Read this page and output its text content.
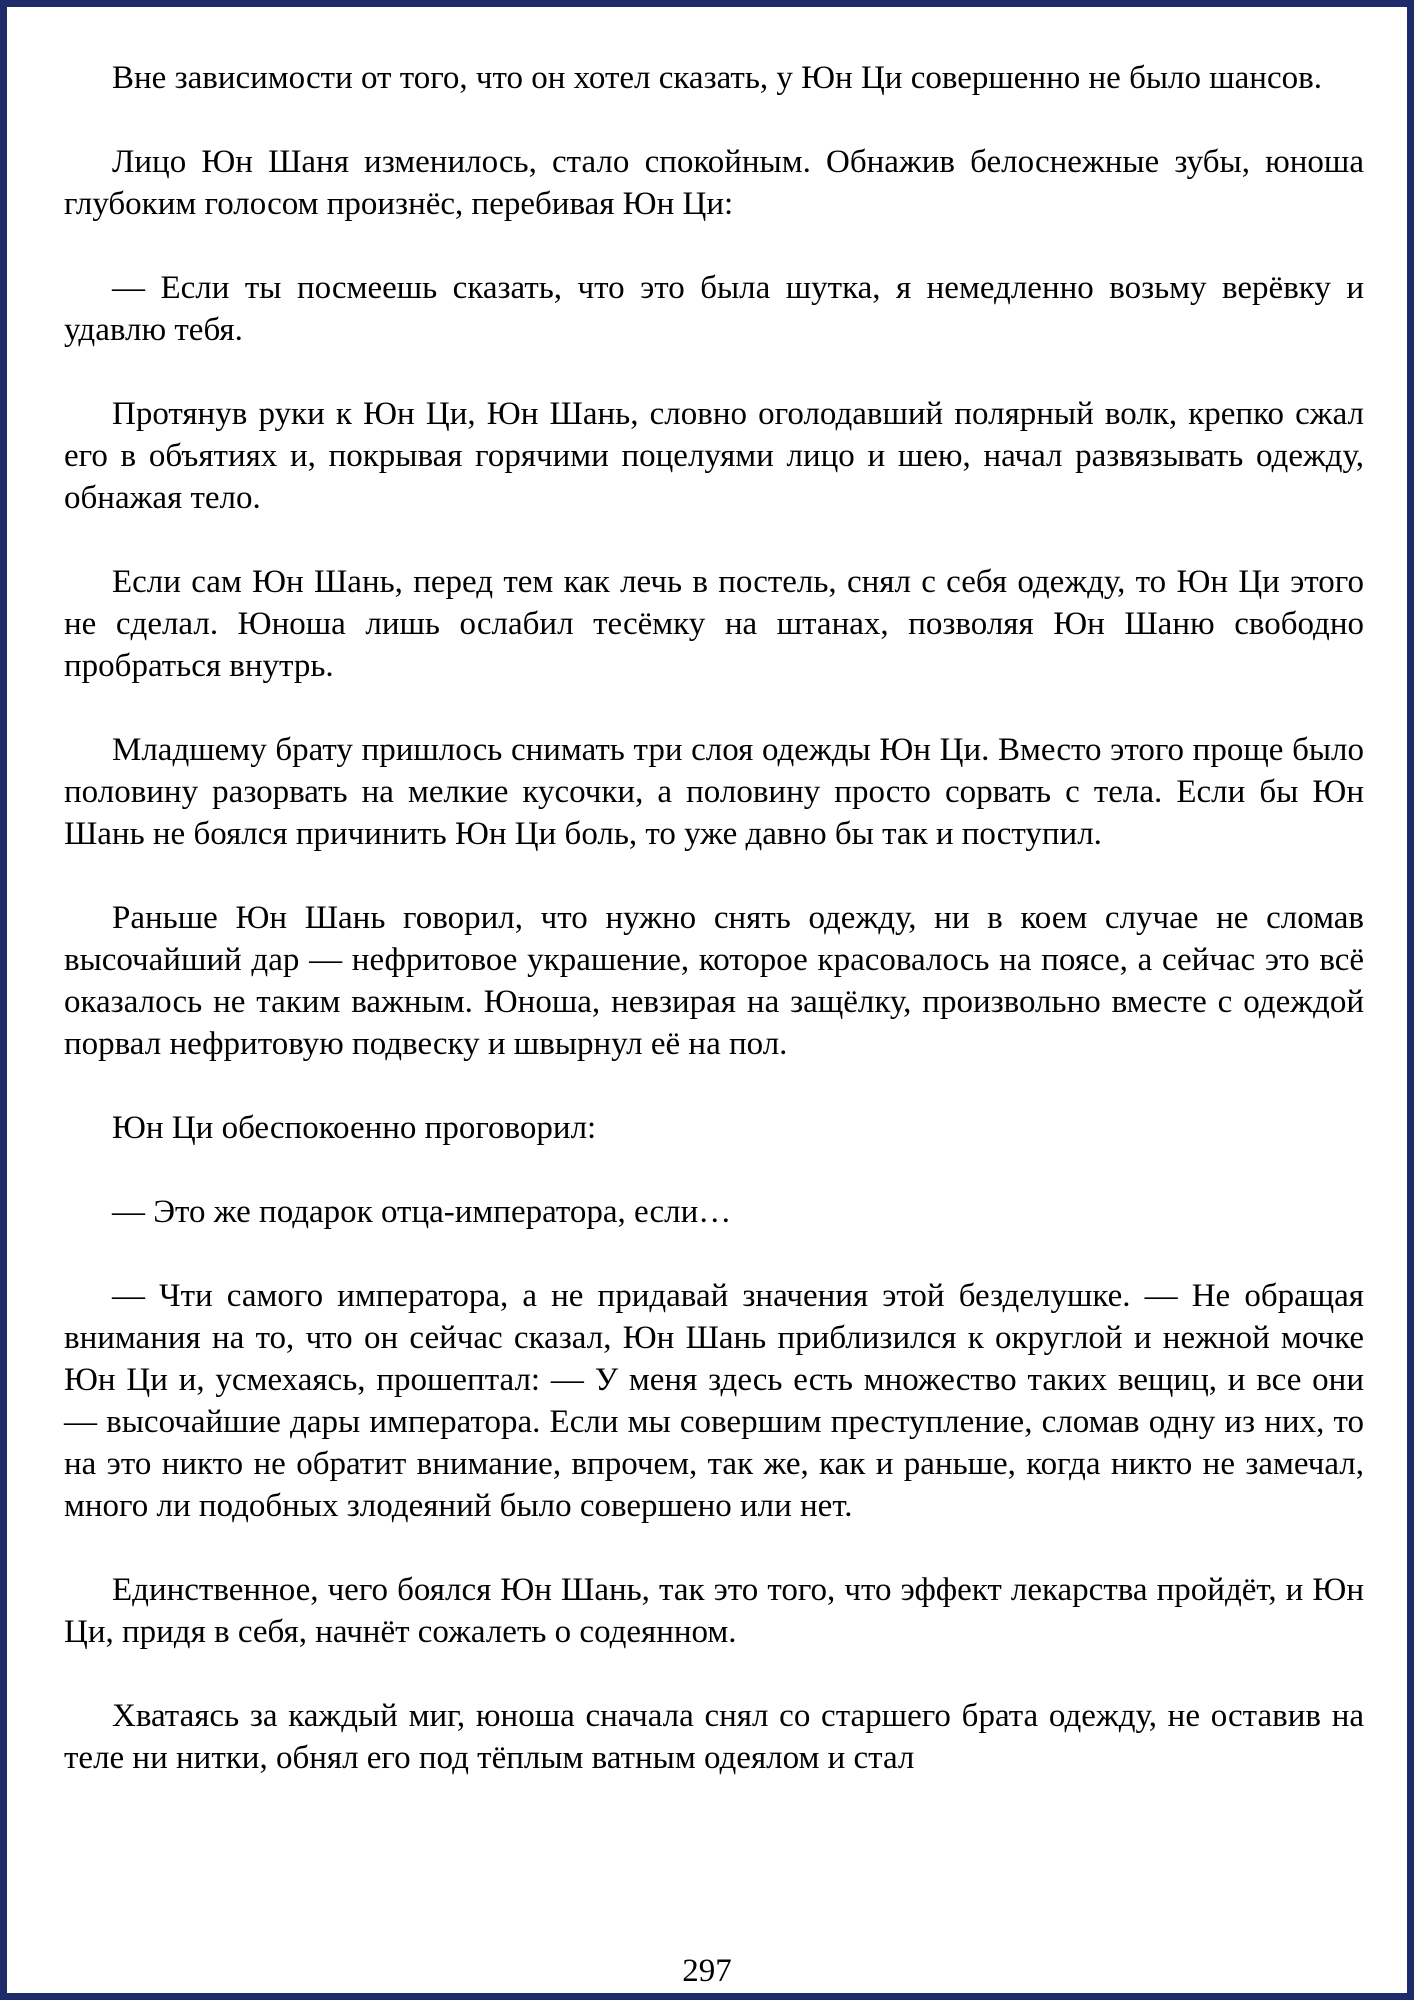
Вне зависимости от того, что он хотел сказать, у Юн Ци совершенно не было шансов.

Лицо Юн Шаня изменилось, стало спокойным. Обнажив белоснежные зубы, юноша глубоким голосом произнёс, перебивая Юн Ци:

— Если ты посмеешь сказать, что это была шутка, я немедленно возьму верёвку и удавлю тебя.

Протянув руки к Юн Ци, Юн Шань, словно оголодавший полярный волк, крепко сжал его в объятиях и, покрывая горячими поцелуями лицо и шею, начал развязывать одежду, обнажая тело.

Если сам Юн Шань, перед тем как лечь в постель, снял с себя одежду, то Юн Ци этого не сделал. Юноша лишь ослабил тесёмку на штанах, позволяя Юн Шаню свободно пробраться внутрь.

Младшему брату пришлось снимать три слоя одежды Юн Ци. Вместо этого проще было половину разорвать на мелкие кусочки, а половину просто сорвать с тела. Если бы Юн Шань не боялся причинить Юн Ци боль, то уже давно бы так и поступил.

Раньше Юн Шань говорил, что нужно снять одежду, ни в коем случае не сломав высочайший дар — нефритовое украшение, которое красовалось на поясе, а сейчас это всё оказалось не таким важным. Юноша, невзирая на защёлку, произвольно вместе с одеждой порвал нефритовую подвеску и швырнул её на пол.

Юн Ци обеспокоенно проговорил:

— Это же подарок отца-императора, если…

— Чти самого императора, а не придавай значения этой безделушке. — Не обращая внимания на то, что он сейчас сказал, Юн Шань приблизился к округлой и нежной мочке Юн Ци и, усмехаясь, прошептал: — У меня здесь есть множество таких вещиц, и все они — высочайшие дары императора. Если мы совершим преступление, сломав одну из них, то на это никто не обратит внимание, впрочем, так же, как и раньше, когда никто не замечал, много ли подобных злодеяний было совершено или нет.

Единственное, чего боялся Юн Шань, так это того, что эффект лекарства пройдёт, и Юн Ци, придя в себя, начнёт сожалеть о содеянном.

Хватаясь за каждый миг, юноша сначала снял со старшего брата одежду, не оставив на теле ни нитки, обнял его под тёплым ватным одеялом и стал

297
